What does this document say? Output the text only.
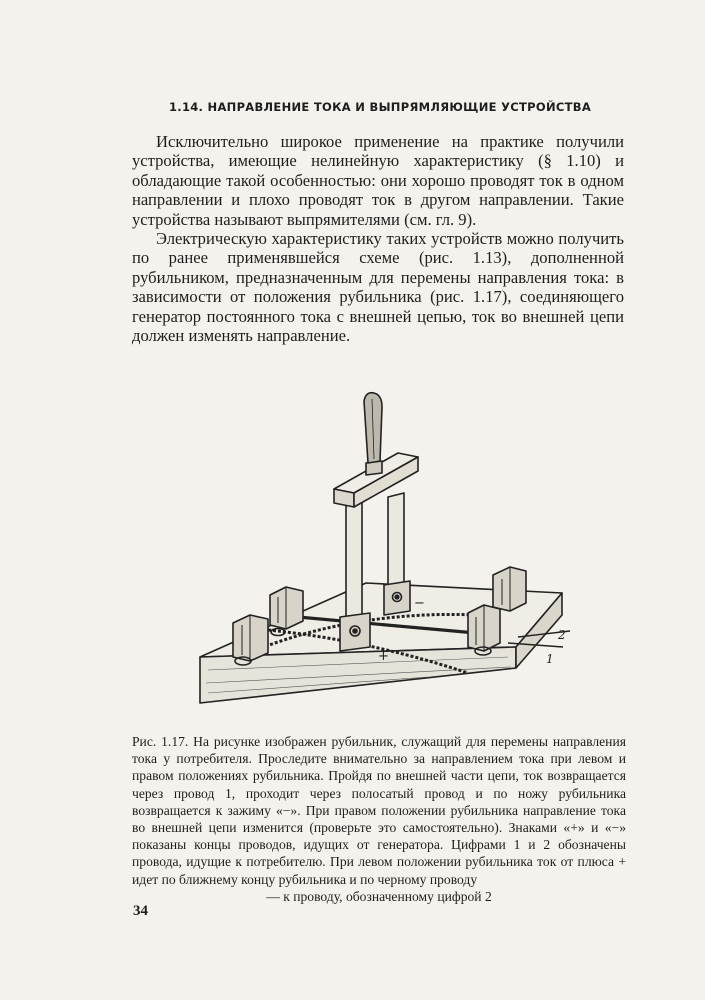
1.14. НАПРАВЛЕНИЕ ТОКА И ВЫПРЯМЛЯЮЩИЕ УСТРОЙСТВА

Исключительно широкое применение на практике получили устройства, имеющие нелинейную характеристику (§ 1.10) и обладающие такой особенностью: они хорошо проводят ток в одном направлении и плохо проводят ток в другом направлении. Такие устройства называют выпрямителями (см. гл. 9).

Электрическую характеристику таких устройств можно получить по ранее применявшейся схеме (рис. 1.13), дополненной рубильником, предназначенным для перемены направления тока: в зависимости от положения рубильника (рис. 1.17), соединяющего генератор постоянного тока с внешней цепью, ток во внешней цепи должен изменять направление.

−
+	1
2
Рис. 1.17. На рисунке изображен рубильник, служащий для перемены направления тока у потребителя. Проследите внимательно за направлением тока при левом и правом положениях рубильника. Пройдя по внешней части цепи, ток возвращается через провод 1, проходит через полосатый провод и по ножу рубильника возвращается к зажиму «−». При правом положении рубильника направление тока во внешней цепи изменится (проверьте это самостоятельно). Знаками «+» и «−» показаны концы проводов, идущих от генератора. Цифрами 1 и 2 обозначены провода, идущие к потребителю. При левом положении рубильника ток от плюса + идет по ближнему концу рубильника и по черному проводу
— к проводу, обозначенному цифрой 2
34
